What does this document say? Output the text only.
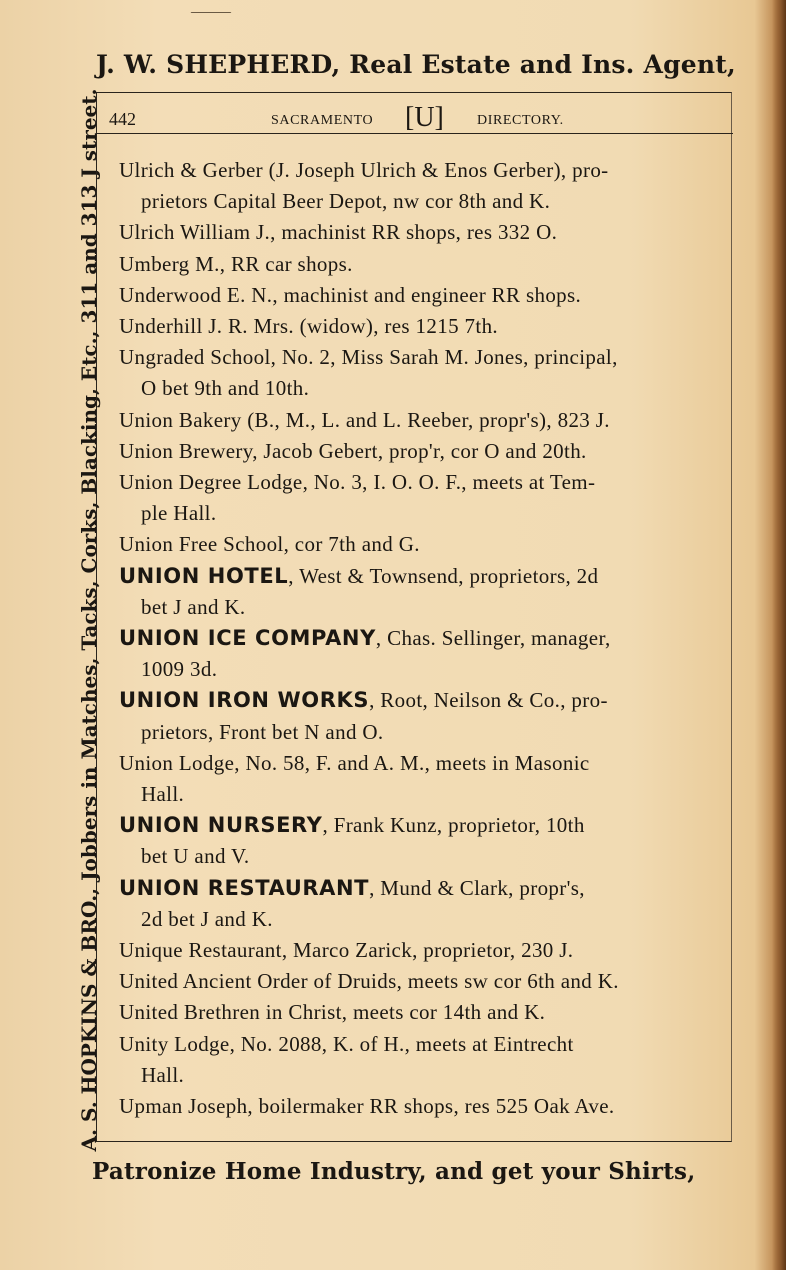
J. W. SHEPHERD, Real Estate and Ins. Agent,
A. S. HOPKINS & BRO., Jobbers in Matches, Tacks, Corks, Blacking, Etc., 311 and 313 J street. 442	SACRAMENTO [U] DIRECTORY.
Ulrich & Gerber (J. Joseph Ulrich & Enos Gerber), pro-
prietors Capital Beer Depot, nw cor 8th and K.
Ulrich William J., machinist RR shops, res 332 O.
Umberg M., RR car shops.
Underwood E. N., machinist and engineer RR shops.
Underhill J. R. Mrs. (widow), res 1215 7th.
Ungraded School, No. 2, Miss Sarah M. Jones, principal,
O bet 9th and 10th.
Union Bakery (B., M., L. and L. Reeber, propr's), 823 J.
Union Brewery, Jacob Gebert, prop'r, cor O and 20th.
Union Degree Lodge, No. 3, I. O. O. F., meets at Tem-
ple Hall.
Union Free School, cor 7th and G.
UNION HOTEL, West & Townsend, proprietors, 2d
bet J and K.
UNION ICE COMPANY, Chas. Sellinger, manager,
1009 3d.
UNION IRON WORKS, Root, Neilson & Co., pro-
prietors, Front bet N and O.
Union Lodge, No. 58, F. and A. M., meets in Masonic
Hall.
UNION NURSERY, Frank Kunz, proprietor, 10th
bet U and V.
UNION RESTAURANT, Mund & Clark, propr's,
2d bet J and K.
Unique Restaurant, Marco Zarick, proprietor, 230 J.
United Ancient Order of Druids, meets sw cor 6th and K.
United Brethren in Christ, meets cor 14th and K.
Unity Lodge, No. 2088, K. of H., meets at Eintrecht
Hall.
Upman Joseph, boilermaker RR shops, res 525 Oak Ave.
Patronize Home Industry, and get your Shirts,
